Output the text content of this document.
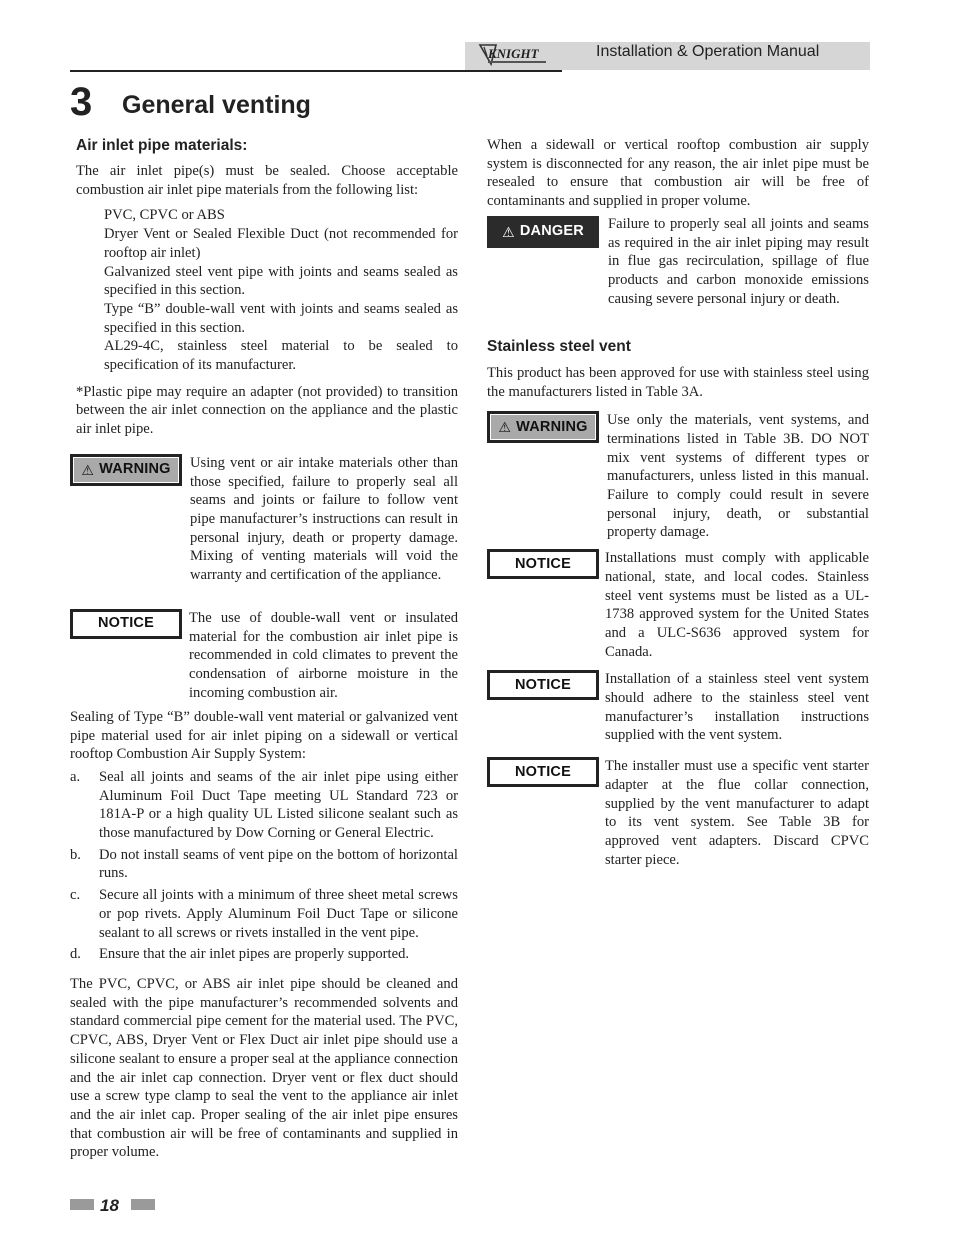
KNIGHT	Installation & Operation Manual
3 General venting
Air inlet pipe materials:

The air inlet pipe(s) must be sealed. Choose acceptable combustion air inlet pipe materials from the following list:

PVC, CPVC or ABS
Dryer Vent or Sealed Flexible Duct (not recommended for rooftop air inlet)
Galvanized steel vent pipe with joints and seams sealed as specified in this section.
Type “B” double-wall vent with joints and seams sealed as specified in this section.
AL29-4C, stainless steel material to be sealed to specification of its manufacturer.

*Plastic pipe may require an adapter (not provided) to transition between the air inlet connection on the appliance and the plastic air inlet pipe.

⚠ WARNING Using vent or air intake materials other than those specified, failure to properly seal all seams and joints or failure to follow vent pipe manufacturer’s instructions can result in personal injury, death or property damage. Mixing of venting materials will void the warranty and certification of the appliance.

NOTICE The use of double-wall vent or insulated material for the combustion air inlet pipe is recommended in cold climates to prevent the condensation of airborne moisture in the incoming combustion air.

Sealing of Type “B” double-wall vent material or galvanized vent pipe material used for air inlet piping on a sidewall or vertical rooftop Combustion Air Supply System:

a. Seal all joints and seams of the air inlet pipe using either Aluminum Foil Duct Tape meeting UL Standard 723 or 181A-P or a high quality UL Listed silicone sealant such as those manufactured by Dow Corning or General Electric.
b. Do not install seams of vent pipe on the bottom of horizontal runs.
c. Secure all joints with a minimum of three sheet metal screws or pop rivets. Apply Aluminum Foil Duct Tape or silicone sealant to all screws or rivets installed in the vent pipe.
d. Ensure that the air inlet pipes are properly supported.

The PVC, CPVC, or ABS air inlet pipe should be cleaned and sealed with the pipe manufacturer’s recommended solvents and standard commercial pipe cement for the material used. The PVC, CPVC, ABS, Dryer Vent or Flex Duct air inlet pipe should use a silicone sealant to ensure a proper seal at the appliance connection and the air inlet cap connection. Dryer vent or flex duct should use a screw type clamp to seal the vent to the appliance air inlet and the air inlet cap. Proper sealing of the air inlet pipe ensures that combustion air will be free of contaminants and supplied in proper volume.

When a sidewall or vertical rooftop combustion air supply system is disconnected for any reason, the air inlet pipe must be resealed to ensure that combustion air will be free of contaminants and supplied in proper volume.

⚠ DANGER Failure to properly seal all joints and seams as required in the air inlet piping may result in flue gas recirculation, spillage of flue products and carbon monoxide emissions causing severe personal injury or death.

Stainless steel vent

This product has been approved for use with stainless steel using the manufacturers listed in Table 3A.

⚠ WARNING Use only the materials, vent systems, and terminations listed in Table 3B. DO NOT mix vent systems of different types or manufacturers, unless listed in this manual. Failure to comply could result in severe personal injury, death, or substantial property damage.

NOTICE Installations must comply with applicable national, state, and local codes. Stainless steel vent systems must be listed as a UL-1738 approved system for the United States and a ULC-S636 approved system for Canada.

NOTICE Installation of a stainless steel vent system should adhere to the stainless steel vent manufacturer’s installation instructions supplied with the vent system.

NOTICE The installer must use a specific vent starter adapter at the flue collar connection, supplied by the vent manufacturer to adapt to its vent system. See Table 3B for approved vent adapters. Discard CPVC starter piece.

18
